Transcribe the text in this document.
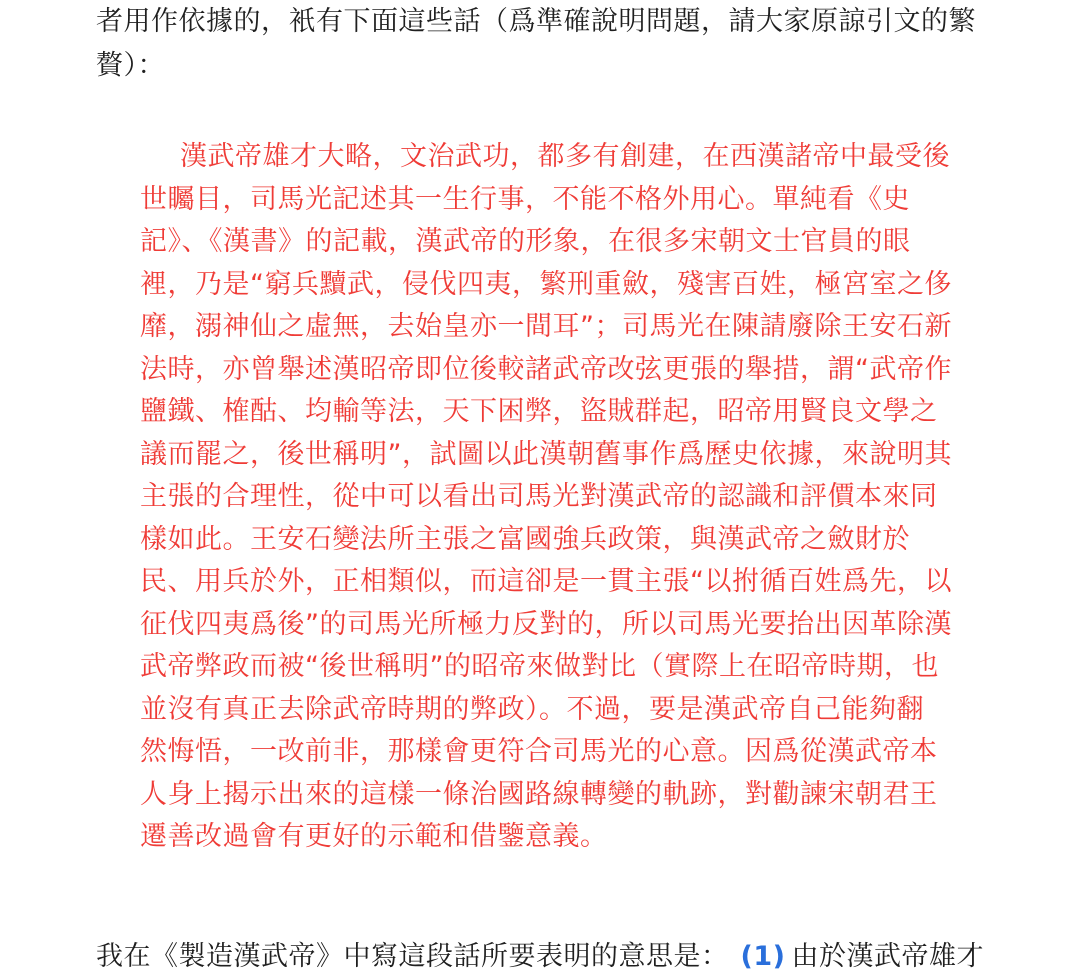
者用作依據的，衹有下面這些話（爲準確說明問題，請大家原諒引文的繁
贅）：
漢武帝雄才大略，文治武功，都多有創建，在西漢諸帝中最受後
世矚目，司馬光記述其一生行事，不能不格外用心。單純看《史
記》、《漢書》的記載，漢武帝的形象，在很多宋朝文士官員的眼
裡，乃是“窮兵黷武，侵伐四夷，繁刑重斂，殘害百姓，極宮室之侈
靡，溺神仙之虛無，去始皇亦一間耳”；司馬光在陳請廢除王安石新
法時，亦曾舉述漢昭帝即位後較諸武帝改弦更張的舉措，謂“武帝作
鹽鐵、榷酤、均輸等法，天下困弊，盜賊群起，昭帝用賢良文學之
議而罷之，後世稱明”，試圖以此漢朝舊事作爲歷史依據，來說明其
主張的合理性，從中可以看出司馬光對漢武帝的認識和評價本來同
樣如此。王安石變法所主張之富國強兵政策，與漢武帝之斂財於
民、用兵於外，正相類似，而這卻是一貫主張“以拊循百姓爲先，以
征伐四夷爲後”的司馬光所極力反對的，所以司馬光要抬出因革除漢
武帝弊政而被“後世稱明”的昭帝來做對比（實際上在昭帝時期，也
並沒有真正去除武帝時期的弊政）。不過，要是漢武帝自己能夠翻
然悔悟，一改前非，那樣會更符合司馬光的心意。因爲從漢武帝本
人身上揭示出來的這樣一條治國路線轉變的軌跡，對勸諫宋朝君王
遷善改過會有更好的示範和借鑒意義。
我在《製造漢武帝》中寫這段話所要表明的意思是： (1) 由於漢武帝雄才
